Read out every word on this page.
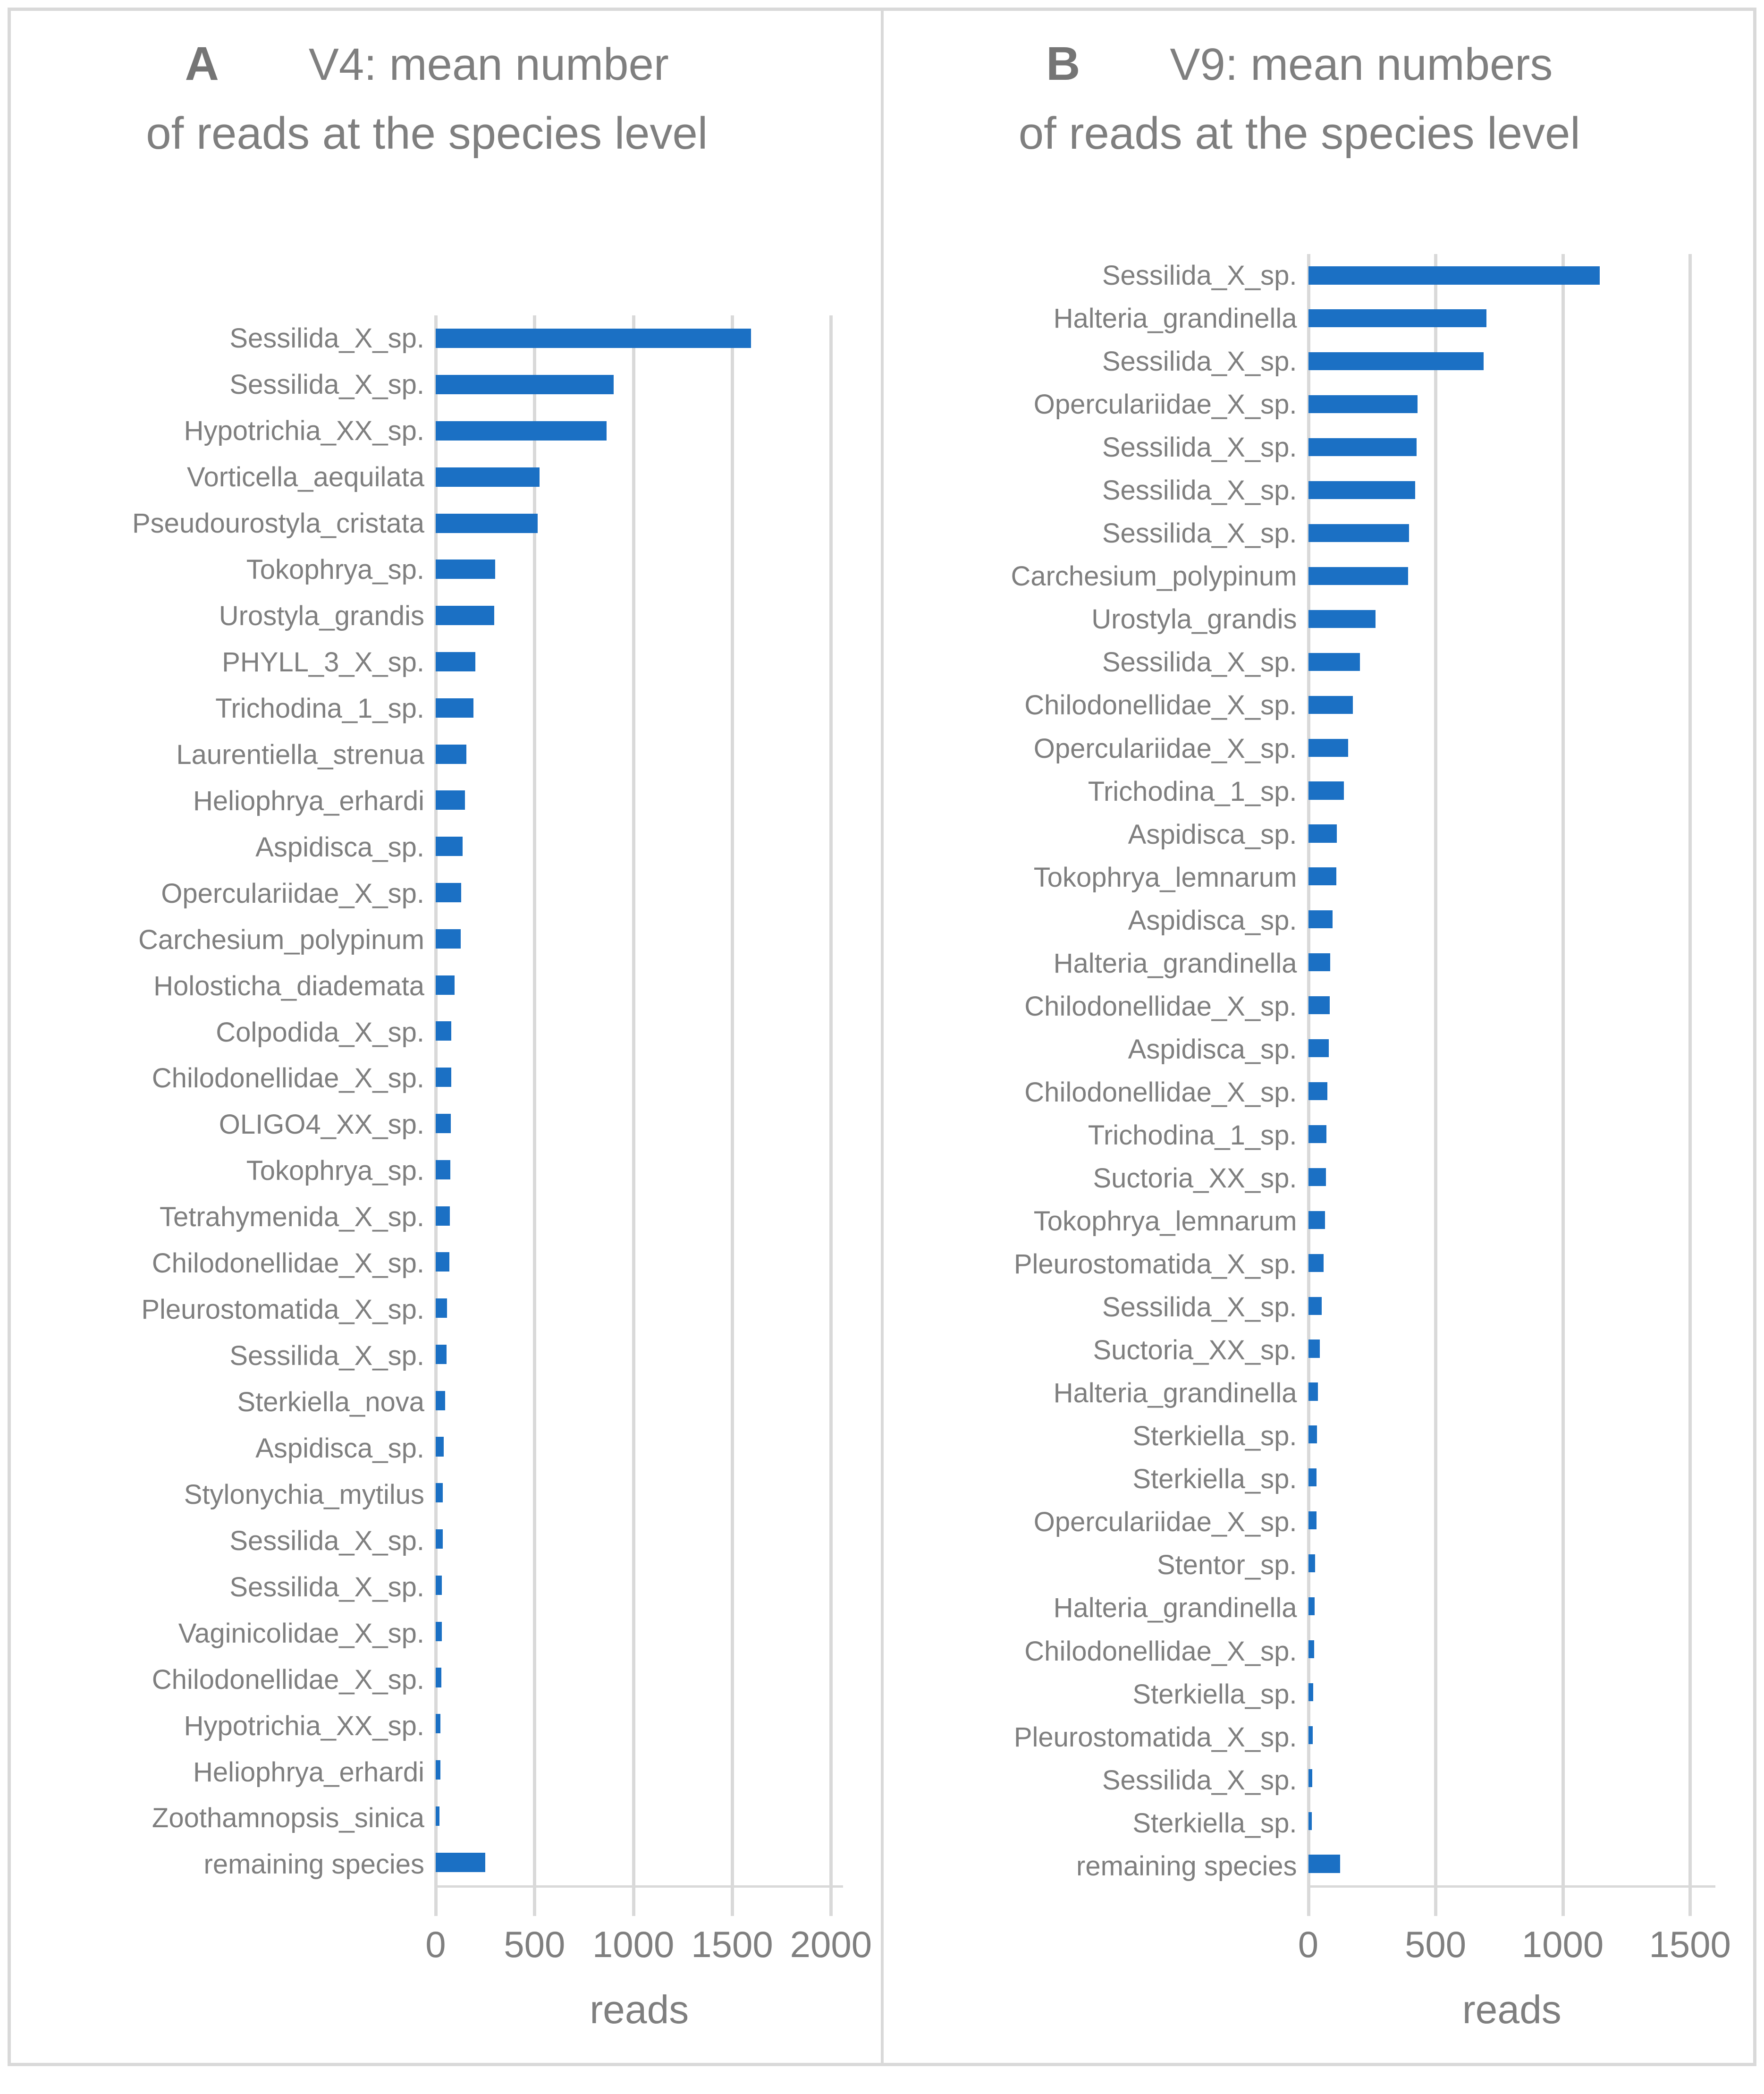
A V4: mean number
of reads at the species level
Sessilida_X_sp.
Sessilida_X_sp.
Hypotrichia_XX_sp.
Vorticella_aequilata
Pseudourostyla_cristata
Tokophrya_sp.
Urostyla_grandis
PHYLL_3_X_sp.
Trichodina_1_sp.
Laurentiella_strenua
Heliophrya_erhardi
Aspidisca_sp.
Operculariidae_X_sp.
Carchesium_polypinum
Holosticha_diademata
Colpodida_X_sp.
Chilodonellidae_X_sp.
OLIGO4_XX_sp.
Tokophrya_sp.
Tetrahymenida_X_sp.
Chilodonellidae_X_sp.
Pleurostomatida_X_sp.
Sessilida_X_sp.
Sterkiella_nova
Aspidisca_sp.
Stylonychia_mytilus
Sessilida_X_sp.
Sessilida_X_sp.
Vaginicolidae_X_sp.
Chilodonellidae_X_sp.
Hypotrichia_XX_sp.
Heliophrya_erhardi
Zoothamnopsis_sinica
remaining species
0 500 1000 1500 2000
reads
B V9: mean numbers
of reads at the species level
Sessilida_X_sp.
Halteria_grandinella
Sessilida_X_sp.
Operculariidae_X_sp.
Sessilida_X_sp.
Sessilida_X_sp.
Sessilida_X_sp.
Carchesium_polypinum
Urostyla_grandis
Sessilida_X_sp.
Chilodonellidae_X_sp.
Operculariidae_X_sp.
Trichodina_1_sp.
Aspidisca_sp.
Tokophrya_lemnarum
Aspidisca_sp.
Halteria_grandinella
Chilodonellidae_X_sp.
Aspidisca_sp.
Chilodonellidae_X_sp.
Trichodina_1_sp.
Suctoria_XX_sp.
Tokophrya_lemnarum
Pleurostomatida_X_sp.
Sessilida_X_sp.
Suctoria_XX_sp.
Halteria_grandinella
Sterkiella_sp.
Sterkiella_sp.
Operculariidae_X_sp.
Stentor_sp.
Halteria_grandinella
Chilodonellidae_X_sp.
Sterkiella_sp.
Pleurostomatida_X_sp.
Sessilida_X_sp.
Sterkiella_sp.
remaining species
0 500 1000 1500
reads
